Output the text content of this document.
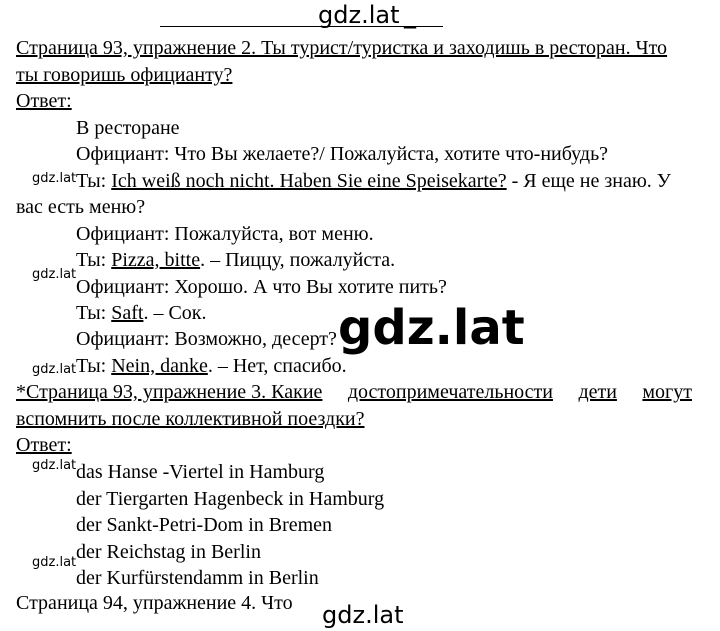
gdz.lat _
Страница 93, упражнение 2. Ты турист/туристка и заходишь в ресторан. Что
ты говоришь официанту?
Ответ:
В ресторане
Официант: Что Вы желаете?/ Пожалуйста, хотите что-нибудь?
gdz.lat Ты: Ich weiß noch nicht. Haben Sie eine Speisekarte? - Я еще не знаю. У
вас есть меню?
Официант: Пожалуйста, вот меню.
Ты: Pizza, bitte. – Пиццу, пожалуйста.
gdz.lat
Официант: Хорошо. А что Вы хотите пить?
Ты: Saft. – Сок.
Официант: Возможно, десерт? gdz.lat
gdz.lat Ты: Nein, danke. – Нет, спасибо.
*Страница 93, упражнение 3. Какие достопримечательности дети могут
вспомнить после коллективной поездки?
Ответ:
gdz.lat das Hanse -Viertel in Hamburg
der Tiergarten Hagenbeck in Hamburg
der Sankt-Petri-Dom in Bremen
gdz.lat der Reichstag in Berlin
der Kurfürstendamm in Berlin
Страница 94, упражнение 4. Что gdz.lat
